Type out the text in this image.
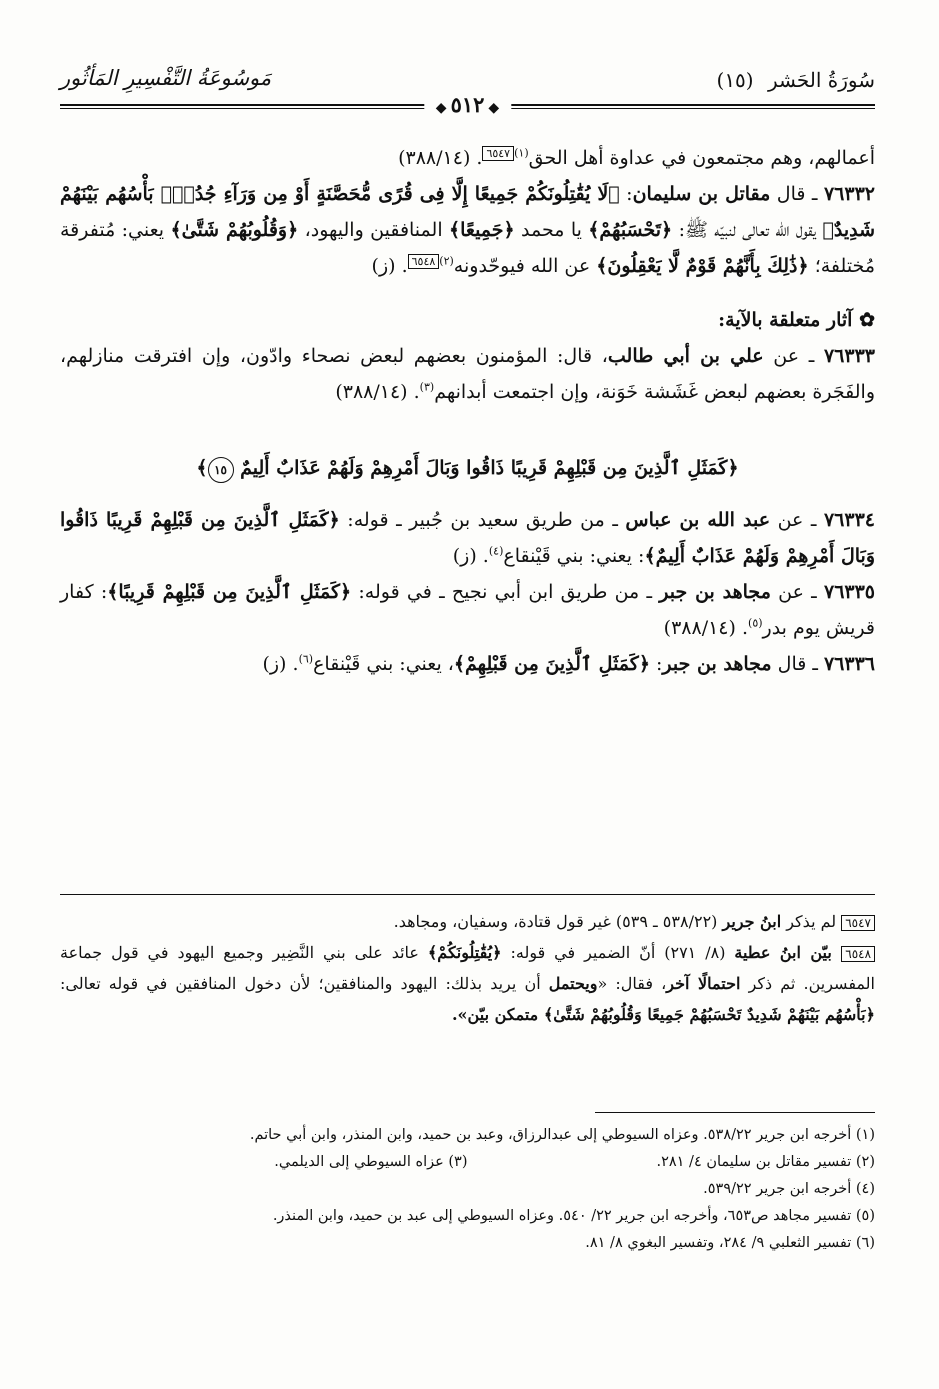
سُورَةُ الحَشر (١٥)
مَوسُوعَةُ التَّفْسِيرِ المَأثُور
◆٥١٢◆

أعمالهم، وهم مجتمعون في عداوة أهل الحق$^{(١)}$٦٥٤٧. (٣٨٨/١٤)

٧٦٣٣٢ ـ قال مقاتل بن سليمان: ﴿لَا يُقَٰتِلُونَكُمْ جَمِيعًا إِلَّا فِى قُرًى مُّحَصَّنَةٍ أَوْ مِن وَرَآءِ جُدُرٍۭ بَأْسُهُم بَيْنَهُمْ شَدِيدٌ﴾ يقول الله تعالى لنبيّه ﷺ: ﴿تَحْسَبُهُمْ﴾ يا محمد ﴿جَمِيعًا﴾ المنافقين واليهود، ﴿وَقُلُوبُهُمْ شَتَّىٰ﴾ يعني: مُتفرقة مُختلفة؛ ﴿ذَٰلِكَ بِأَنَّهُمْ قَوْمٌ لَّا يَعْقِلُونَ﴾ عن الله فيوحّدونه$^{(٢)}$٦٥٤٨. (ز)

✿ آثار متعلقة بالآية:

٧٦٣٣٣ ـ عن علي بن أبي طالب، قال: المؤمنون بعضهم لبعض نصحاء وادّون، وإن افترقت منازلهم، والفَجَرة بعضهم لبعض غَشَشة خَوَنة، وإن اجتمعت أبدانهم$^{(٣)}$. (٣٨٨/١٤)

﴿كَمَثَلِ ٱلَّذِينَ مِن قَبْلِهِمْ قَرِيبًا ذَاقُوا وَبَالَ أَمْرِهِمْ وَلَهُمْ عَذَابٌ أَلِيمٌ ١٥﴾

٧٦٣٣٤ ـ عن عبد الله بن عباس ـ من طريق سعيد بن جُبير ـ قوله: ﴿كَمَثَلِ ٱلَّذِينَ مِن قَبْلِهِمْ قَرِيبًا ذَاقُوا وَبَالَ أَمْرِهِمْ وَلَهُمْ عَذَابٌ أَلِيمٌ﴾: يعني: بني قَيْنقاع$^{(٤)}$. (ز)

٧٦٣٣٥ ـ عن مجاهد بن جبر ـ من طريق ابن أبي نجيح ـ في قوله: ﴿كَمَثَلِ ٱلَّذِينَ مِن قَبْلِهِمْ قَرِيبًا﴾: كفار قريش يوم بدر$^{(٥)}$. (٣٨٨/١٤)

٧٦٣٣٦ ـ قال مجاهد بن جبر: ﴿كَمَثَلِ ٱلَّذِينَ مِن قَبْلِهِمْ﴾، يعني: بني قَيْنقاع$^{(٦)}$. (ز)

٦٥٤٧ لم يذكر ابنُ جرير (٥٣٨/٢٢ ـ ٥٣٩) غير قول قتادة، وسفيان، ومجاهد.

٦٥٤٨ بيّن ابنُ عطية (٨/ ٢٧١) أنّ الضمير في قوله: ﴿يُقَٰتِلُونَكُمْ﴾ عائد على بني النَّضِير وجميع اليهود في قول جماعة المفسرين. ثم ذكر احتمالًا آخر، فقال: «ويحتمل أن يريد بذلك: اليهود والمنافقين؛ لأن دخول المنافقين في قوله تعالى: ﴿بَأْسُهُم بَيْنَهُمْ شَدِيدٌ تَحْسَبُهُمْ جَمِيعًا وَقُلُوبُهُمْ شَتَّىٰ﴾ متمكن بيّن».

(١) أخرجه ابن جرير ٥٣٨/٢٢. وعزاه السيوطي إلى عبدالرزاق، وعبد بن حميد، وابن المنذر، وابن أبي حاتم.
(٢) تفسير مقاتل بن سليمان ٤/ ٢٨١.
(٣) عزاه السيوطي إلى الديلمي.
(٤) أخرجه ابن جرير ٥٣٩/٢٢.
(٥) تفسير مجاهد ص٦٥٣، وأخرجه ابن جرير ٢٢/ ٥٤٠. وعزاه السيوطي إلى عبد بن حميد، وابن المنذر.
(٦) تفسير الثعلبي ٩/ ٢٨٤، وتفسير البغوي ٨/ ٨١.
